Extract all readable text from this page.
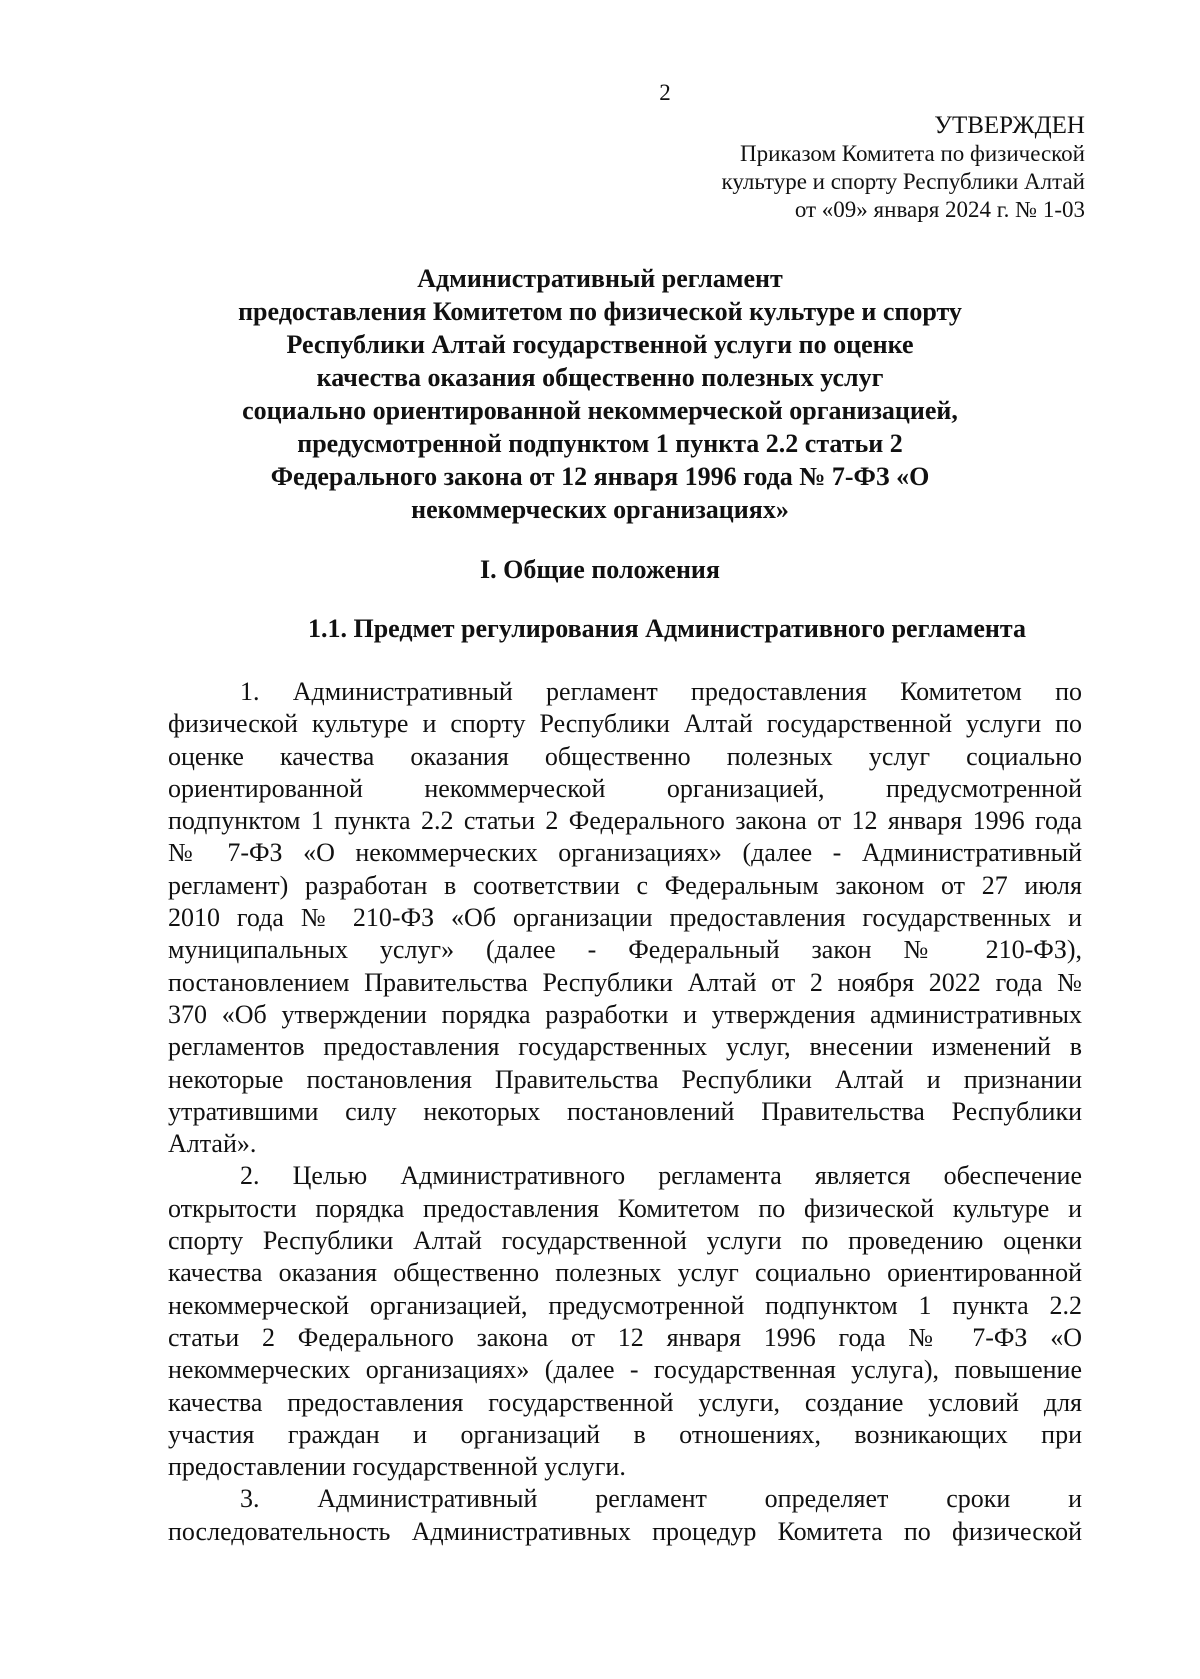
2
УТВЕРЖДЕН
Приказом Комитета по физической
культуре и спорту Республики Алтай
от «09» января 2024 г. № 1-03
Административный регламент
предоставления Комитетом по физической культуре и спорту
Республики Алтай государственной услуги по оценке
качества оказания общественно полезных услуг
социально ориентированной некоммерческой организацией,
предусмотренной подпунктом 1 пункта 2.2 статьи 2
Федерального закона от 12 января 1996 года № 7-ФЗ «О
некоммерческих организациях»
I. Общие положения
1.1. Предмет регулирования Административного регламента
1. Административный регламент предоставления Комитетом по
физической культуре и спорту Республики Алтай государственной услуги по
оценке качества оказания общественно полезных услуг социально
ориентированной некоммерческой организацией, предусмотренной
подпунктом 1 пункта 2.2 статьи 2 Федерального закона от 12 января 1996 года
№ 7-ФЗ «О некоммерческих организациях» (далее - Административный
регламент) разработан в соответствии с Федеральным законом от 27 июля
2010 года № 210-ФЗ «Об организации предоставления государственных и
муниципальных услуг» (далее - Федеральный закон № 210-ФЗ),
постановлением Правительства Республики Алтай от 2 ноября 2022 года №
370 «Об утверждении порядка разработки и утверждения административных
регламентов предоставления государственных услуг, внесении изменений в
некоторые постановления Правительства Республики Алтай и признании
утратившими силу некоторых постановлений Правительства Республики
Алтай».
2. Целью Административного регламента является обеспечение
открытости порядка предоставления Комитетом по физической культуре и
спорту Республики Алтай государственной услуги по проведению оценки
качества оказания общественно полезных услуг социально ориентированной
некоммерческой организацией, предусмотренной подпунктом 1 пункта 2.2
статьи 2 Федерального закона от 12 января 1996 года № 7-ФЗ «О
некоммерческих организациях» (далее - государственная услуга), повышение
качества предоставления государственной услуги, создание условий для
участия граждан и организаций в отношениях, возникающих при
предоставлении государственной услуги.
3. Административный регламент определяет сроки и
последовательность Административных процедур Комитета по физической
